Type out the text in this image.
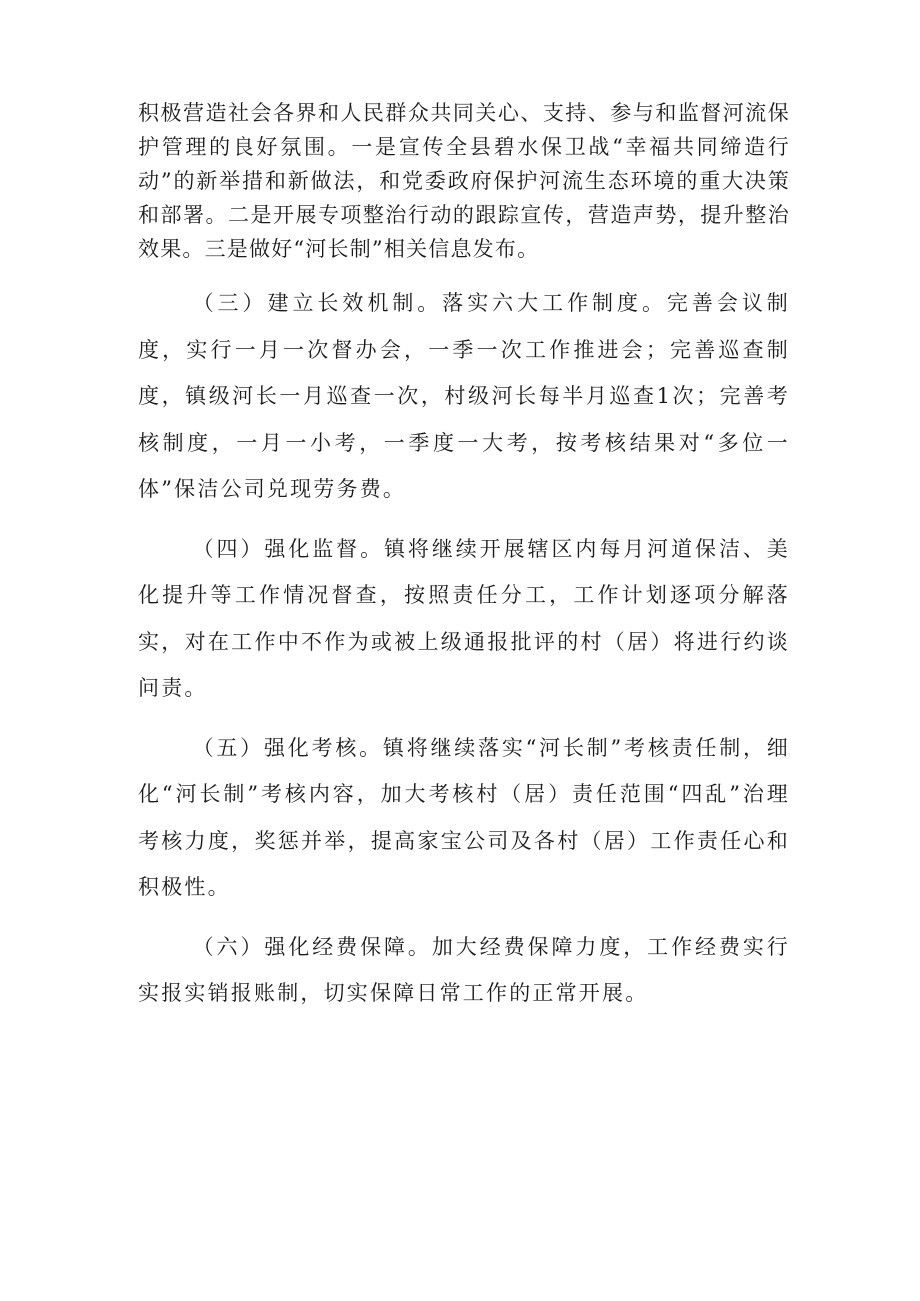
积极营造社会各界和人民群众共同关心、支持、参与和监督河流保护管理的良好氛围。一是宣传全县碧水保卫战“幸福共同缔造行动”的新举措和新做法，和党委政府保护河流生态环境的重大决策和部署。二是开展专项整治行动的跟踪宣传，营造声势，提升整治效果。三是做好“河长制”相关信息发布。

（三）建立长效机制。落实六大工作制度。完善会议制度，实行一月一次督办会，一季一次工作推进会；完善巡查制度，镇级河长一月巡查一次，村级河长每半月巡查1次；完善考核制度，一月一小考，一季度一大考，按考核结果对“多位一体”保洁公司兑现劳务费。

（四）强化监督。镇将继续开展辖区内每月河道保洁、美化提升等工作情况督查，按照责任分工，工作计划逐项分解落实，对在工作中不作为或被上级通报批评的村（居）将进行约谈问责。

（五）强化考核。镇将继续落实“河长制”考核责任制，细化“河长制”考核内容，加大考核村（居）责任范围“四乱”治理考核力度，奖惩并举，提高家宝公司及各村（居）工作责任心和积极性。

（六）强化经费保障。加大经费保障力度，工作经费实行实报实销报账制，切实保障日常工作的正常开展。
